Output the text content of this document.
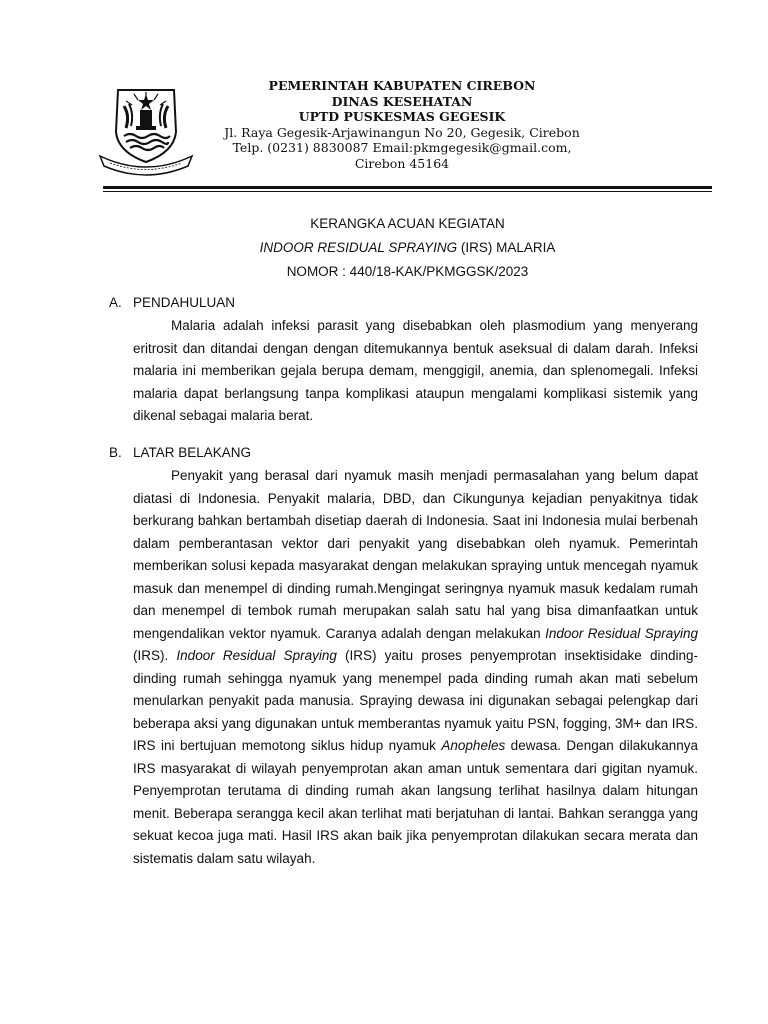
PEMERINTAH KABUPATEN CIREBON
DINAS KESEHATAN
UPTD PUSKESMAS GEGESIK
Jl. Raya Gegesik-Arjawinangun No 20, Gegesik, Cirebon
Telp. (0231) 8830087 Email:pkmgegesik@gmail.com,
Cirebon 45164
KERANGKA ACUAN KEGIATAN
INDOOR RESIDUAL SPRAYING (IRS) MALARIA
NOMOR : 440/18-KAK/PKMGGSK/2023
A. PENDAHULUAN

Malaria adalah infeksi parasit yang disebabkan oleh plasmodium yang menyerang eritrosit dan ditandai dengan dengan ditemukannya bentuk aseksual di dalam darah. Infeksi malaria ini memberikan gejala berupa demam, menggigil, anemia, dan splenomegali. Infeksi malaria dapat berlangsung tanpa komplikasi ataupun mengalami komplikasi sistemik yang dikenal sebagai malaria berat.

B. LATAR BELAKANG

Penyakit yang berasal dari nyamuk masih menjadi permasalahan yang belum dapat diatasi di Indonesia. Penyakit malaria, DBD, dan Cikungunya kejadian penyakitnya tidak berkurang bahkan bertambah disetiap daerah di Indonesia. Saat ini Indonesia mulai berbenah dalam pemberantasan vektor dari penyakit yang disebabkan oleh nyamuk. Pemerintah memberikan solusi kepada masyarakat dengan melakukan spraying untuk mencegah nyamuk masuk dan menempel di dinding rumah.Mengingat seringnya nyamuk masuk kedalam rumah dan menempel di tembok rumah merupakan salah satu hal yang bisa dimanfaatkan untuk mengendalikan vektor nyamuk. Caranya adalah dengan melakukan Indoor Residual Spraying (IRS). Indoor Residual Spraying (IRS) yaitu proses penyemprotan insektisidake dinding-dinding rumah sehingga nyamuk yang menempel pada dinding rumah akan mati sebelum menularkan penyakit pada manusia. Spraying dewasa ini digunakan sebagai pelengkap dari beberapa aksi yang digunakan untuk memberantas nyamuk yaitu PSN, fogging, 3M+ dan IRS. IRS ini bertujuan memotong siklus hidup nyamuk Anopheles dewasa. Dengan dilakukannya IRS masyarakat di wilayah penyemprotan akan aman untuk sementara dari gigitan nyamuk. Penyemprotan terutama di dinding rumah akan langsung terlihat hasilnya dalam hitungan menit. Beberapa serangga kecil akan terlihat mati berjatuhan di lantai. Bahkan serangga yang sekuat kecoa juga mati. Hasil IRS akan baik jika penyemprotan dilakukan secara merata dan sistematis dalam satu wilayah.
